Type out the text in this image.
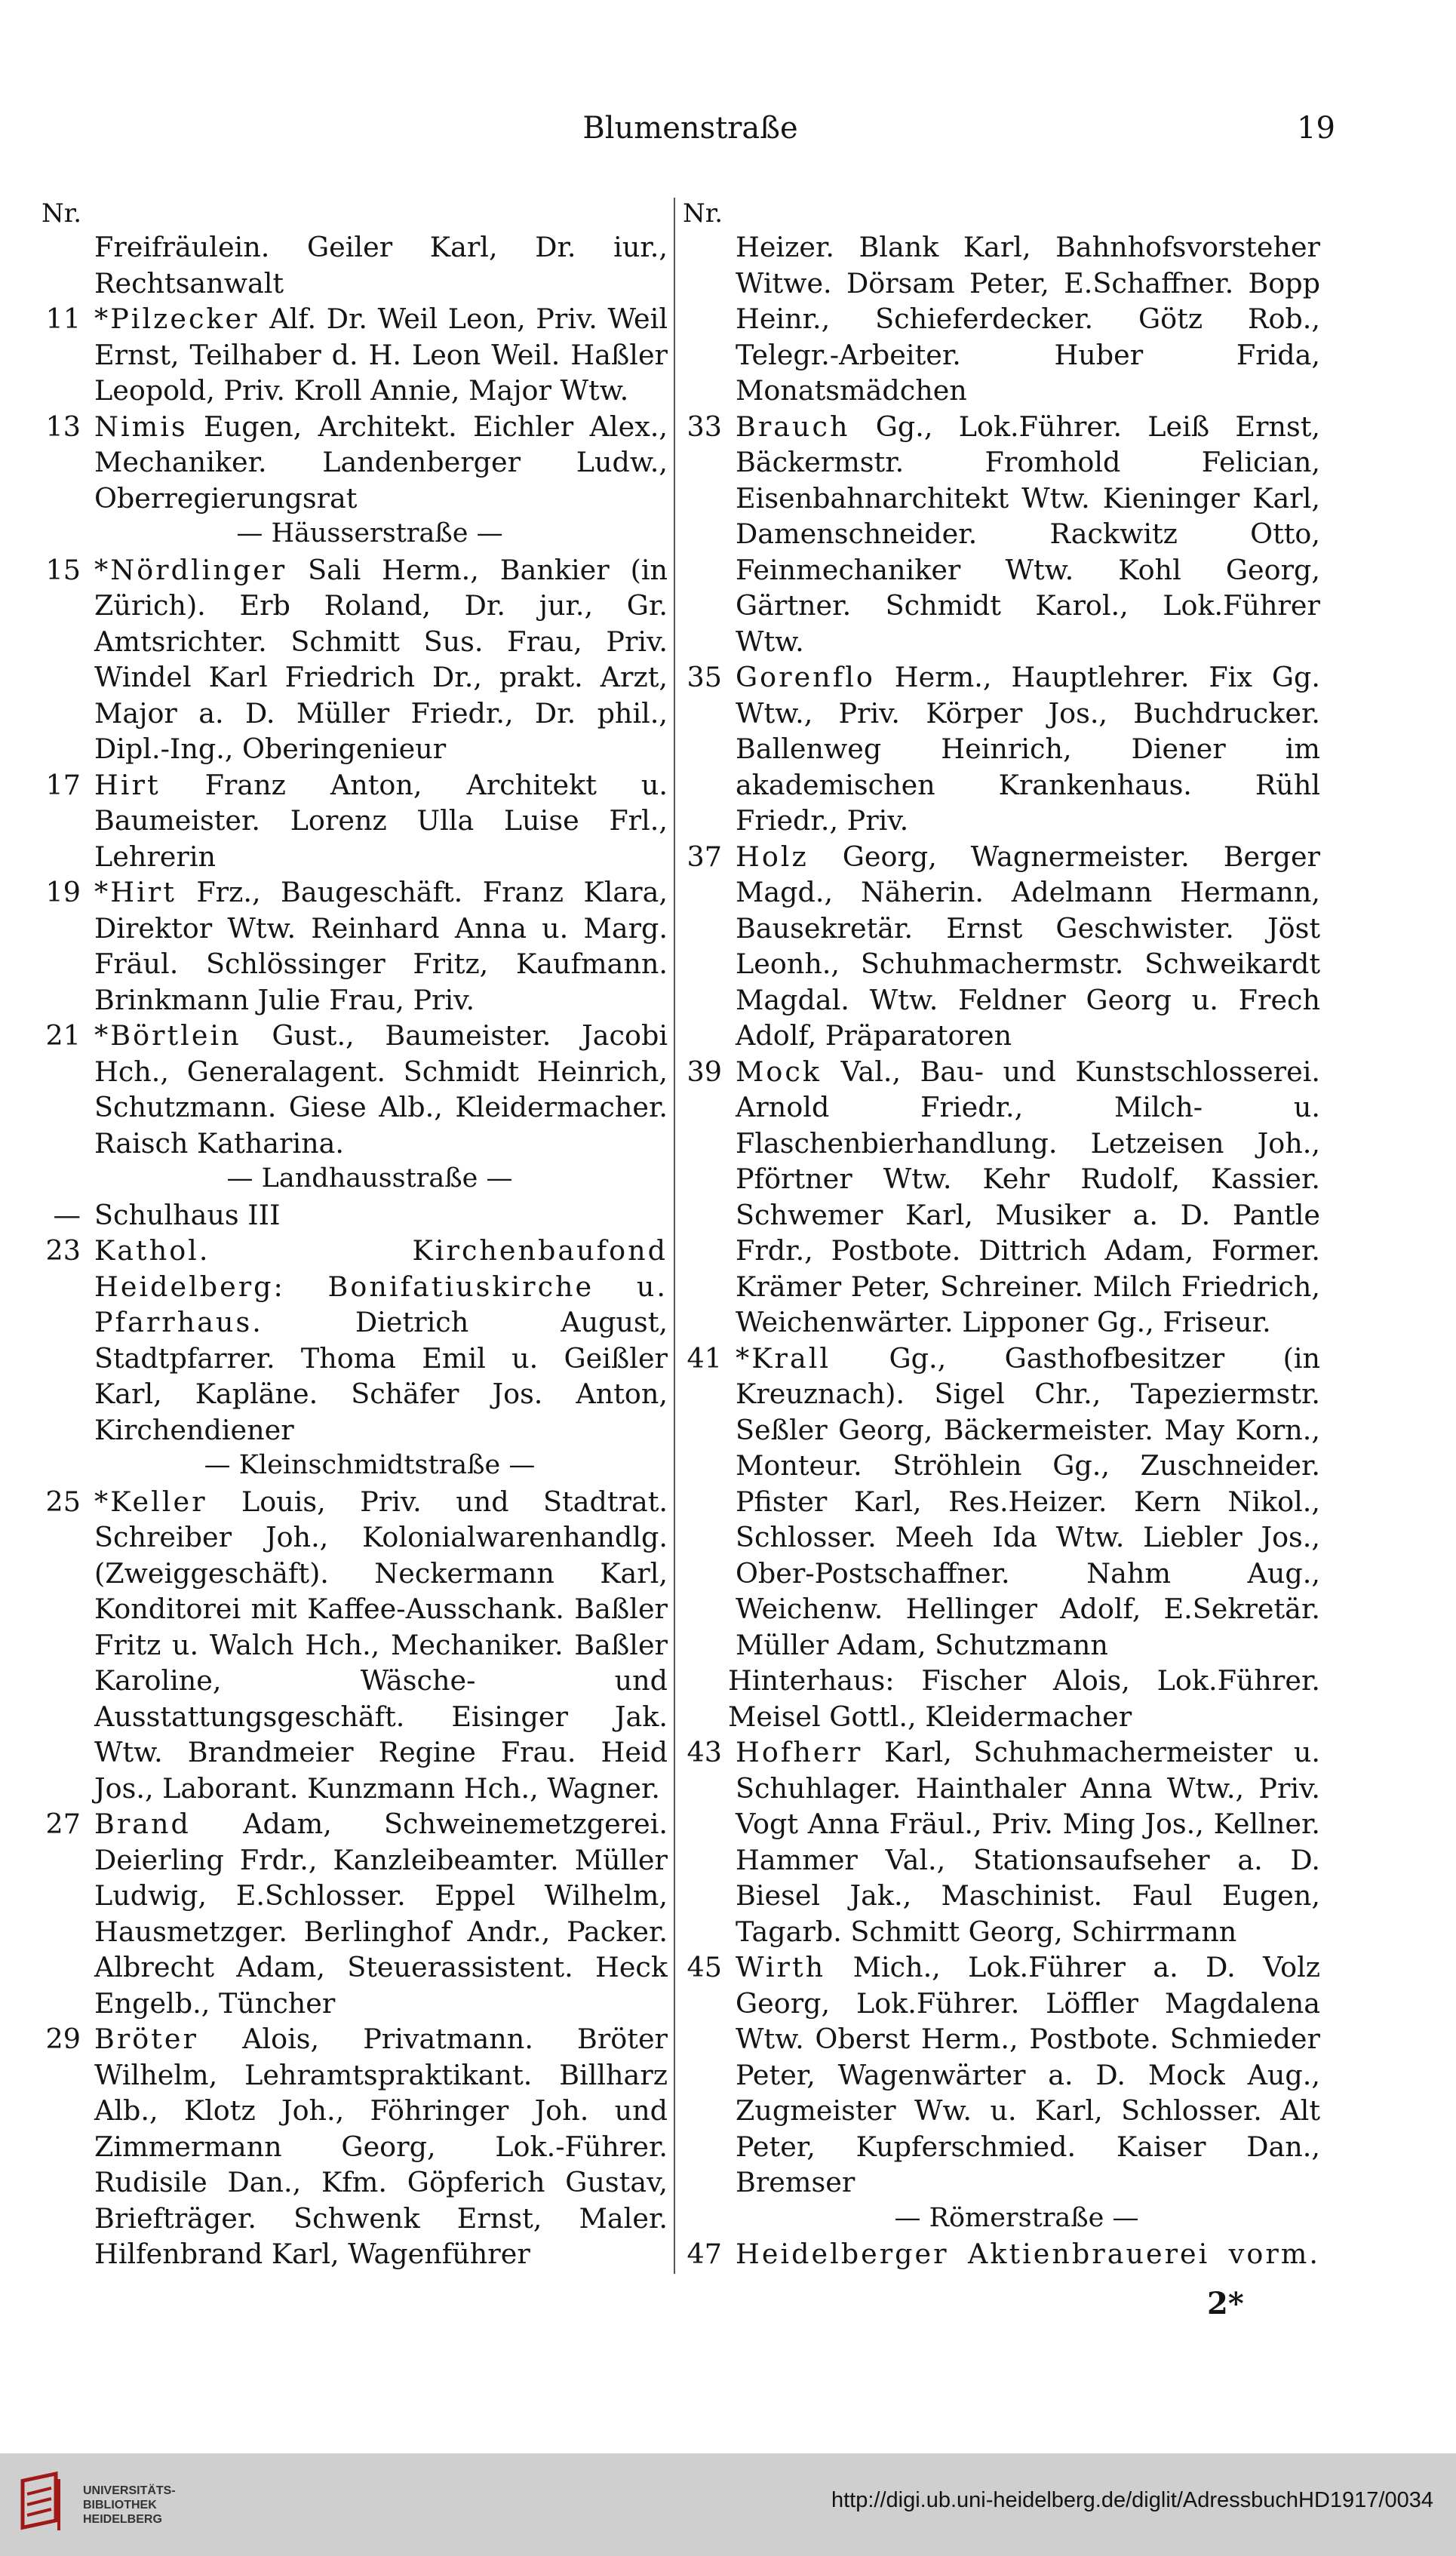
Blumenstraße	19
Nr.
Freifräulein. Geiler Karl, Dr. iur., Rechtsanwalt
11 *Pilzecker Alf. Dr. Weil Leon, Priv. Weil Ernst, Teilhaber d. H. Leon Weil. Haßler Leopold, Priv. Kroll Annie, Major Wtw.
13 Nimis Eugen, Architekt. Eichler Alex., Mechaniker. Landenberger Ludw., Oberregierungsrat
— Häusserstraße —
15 *Nördlinger Sali Herm., Bankier (in Zürich). Erb Roland, Dr. jur., Gr. Amtsrichter. Schmitt Sus. Frau, Priv. Windel Karl Friedrich Dr., prakt. Arzt, Major a. D. Müller Friedr., Dr. phil., Dipl.-Ing., Oberingenieur
17 Hirt Franz Anton, Architekt u. Baumeister. Lorenz Ulla Luise Frl., Lehrerin
19 *Hirt Frz., Baugeschäft. Franz Klara, Direktor Wtw. Reinhard Anna u. Marg. Fräul. Schlössinger Fritz, Kaufmann. Brinkmann Julie Frau, Priv.
21 *Börtlein Gust., Baumeister. Jacobi Hch., Generalagent. Schmidt Heinrich, Schutzmann. Giese Alb., Kleidermacher. Raisch Katharina.
— Landhausstraße —
— Schulhaus III
23 Kathol. Kirchenbaufond Heidelberg: Bonifatiuskirche u. Pfarrhaus.	Dietrich August, Stadtpfarrer. Thoma Emil u. Geißler Karl, Kapläne. Schäfer Jos. Anton, Kirchendiener
— Kleinschmidtstraße —
25 *Keller Louis, Priv. und Stadtrat. Schreiber Joh., Kolonialwarenhandlg. (Zweiggeschäft). Neckermann Karl, Konditorei mit Kaffee-Ausschank. Baßler Fritz u. Walch Hch., Mechaniker. Baßler Karoline, Wäsche- und Ausstattungsgeschäft. Eisinger Jak. Wtw. Brandmeier Regine Frau. Heid Jos., Laborant. Kunzmann Hch., Wagner.
27 Brand Adam, Schweinemetzgerei. Deierling Frdr., Kanzleibeamter. Müller Ludwig, E.Schlosser. Eppel Wilhelm, Hausmetzger. Berlinghof Andr., Packer. Albrecht Adam, Steuerassistent. Heck Engelb., Tüncher
29 Bröter Alois, Privatmann. Bröter Wilhelm, Lehramtspraktikant. Billharz Alb., Klotz Joh., Föhringer Joh. und Zimmermann Georg, Lok.-Führer. Rudisile Dan., Kfm. Göpferich Gustav, Briefträger. Schwenk Ernst, Maler. Hilfenbrand Karl, Wagenführer
Nr.
Heizer. Blank Karl, Bahnhofsvorsteher Witwe. Dörsam Peter, E.Schaffner. Bopp Heinr., Schieferdecker. Götz Rob., Telegr.-Arbeiter. Huber Frida, Monatsmädchen
33 Brauch Gg., Lok.Führer. Leiß Ernst, Bäckermstr. Fromhold Felician, Eisenbahnarchitekt Wtw. Kieninger Karl, Damenschneider. Rackwitz Otto, Feinmechaniker Wtw. Kohl Georg, Gärtner. Schmidt Karol., Lok.Führer Wtw.
35 Gorenflo Herm., Hauptlehrer. Fix Gg. Wtw., Priv. Körper Jos., Buchdrucker. Ballenweg Heinrich, Diener im akademischen Krankenhaus. Rühl Friedr., Priv.
37 Holz Georg, Wagnermeister. Berger Magd., Näherin. Adelmann Hermann, Bausekretär. Ernst Geschwister. Jöst Leonh., Schuhmachermstr. Schweikardt Magdal. Wtw. Feldner Georg u. Frech Adolf, Präparatoren
39 Mock Val., Bau- und Kunstschlosserei. Arnold Friedr., Milch- u. Flaschenbierhandlung. Letzeisen Joh., Pförtner Wtw. Kehr Rudolf, Kassier. Schwemer Karl, Musiker a. D. Pantle Frdr., Postbote. Dittrich Adam, Former. Krämer Peter, Schreiner. Milch Friedrich, Weichenwärter. Lipponer Gg., Friseur.
41 *Krall Gg., Gasthofbesitzer (in Kreuznach). Sigel Chr., Tapeziermstr. Seßler Georg, Bäckermeister. May Korn., Monteur. Ströhlein Gg., Zuschneider. Pfister Karl, Res.Heizer. Kern Nikol., Schlosser. Meeh Ida Wtw. Liebler Jos., Ober-Postschaffner. Nahm Aug., Weichenw. Hellinger Adolf, E.Sekretär. Müller Adam, Schutzmann
Hinterhaus: Fischer Alois, Lok.Führer. Meisel Gottl., Kleidermacher
43 Hofherr Karl, Schuhmachermeister u. Schuhlager. Hainthaler Anna Wtw., Priv. Vogt Anna Fräul., Priv. Ming Jos., Kellner. Hammer Val., Stationsaufseher a. D. Biesel Jak., Maschinist. Faul Eugen, Tagarb. Schmitt Georg, Schirrmann
45 Wirth Mich., Lok.Führer a. D. Volz Georg, Lok.Führer. Löffler Magdalena Wtw. Oberst Herm., Postbote. Schmieder Peter, Wagenwärter a. D. Mock Aug., Zugmeister Ww. u. Karl, Schlosser. Alt Peter, Kupferschmied. Kaiser Dan., Bremser
— Römerstraße —
47 Heidelberger Aktienbrauerei vorm.
2*
UNIVERSITÄTS-
BIBLIOTHEK
HEIDELBERG
http://digi.ub.uni-heidelberg.de/diglit/AdressbuchHD1917/0034
